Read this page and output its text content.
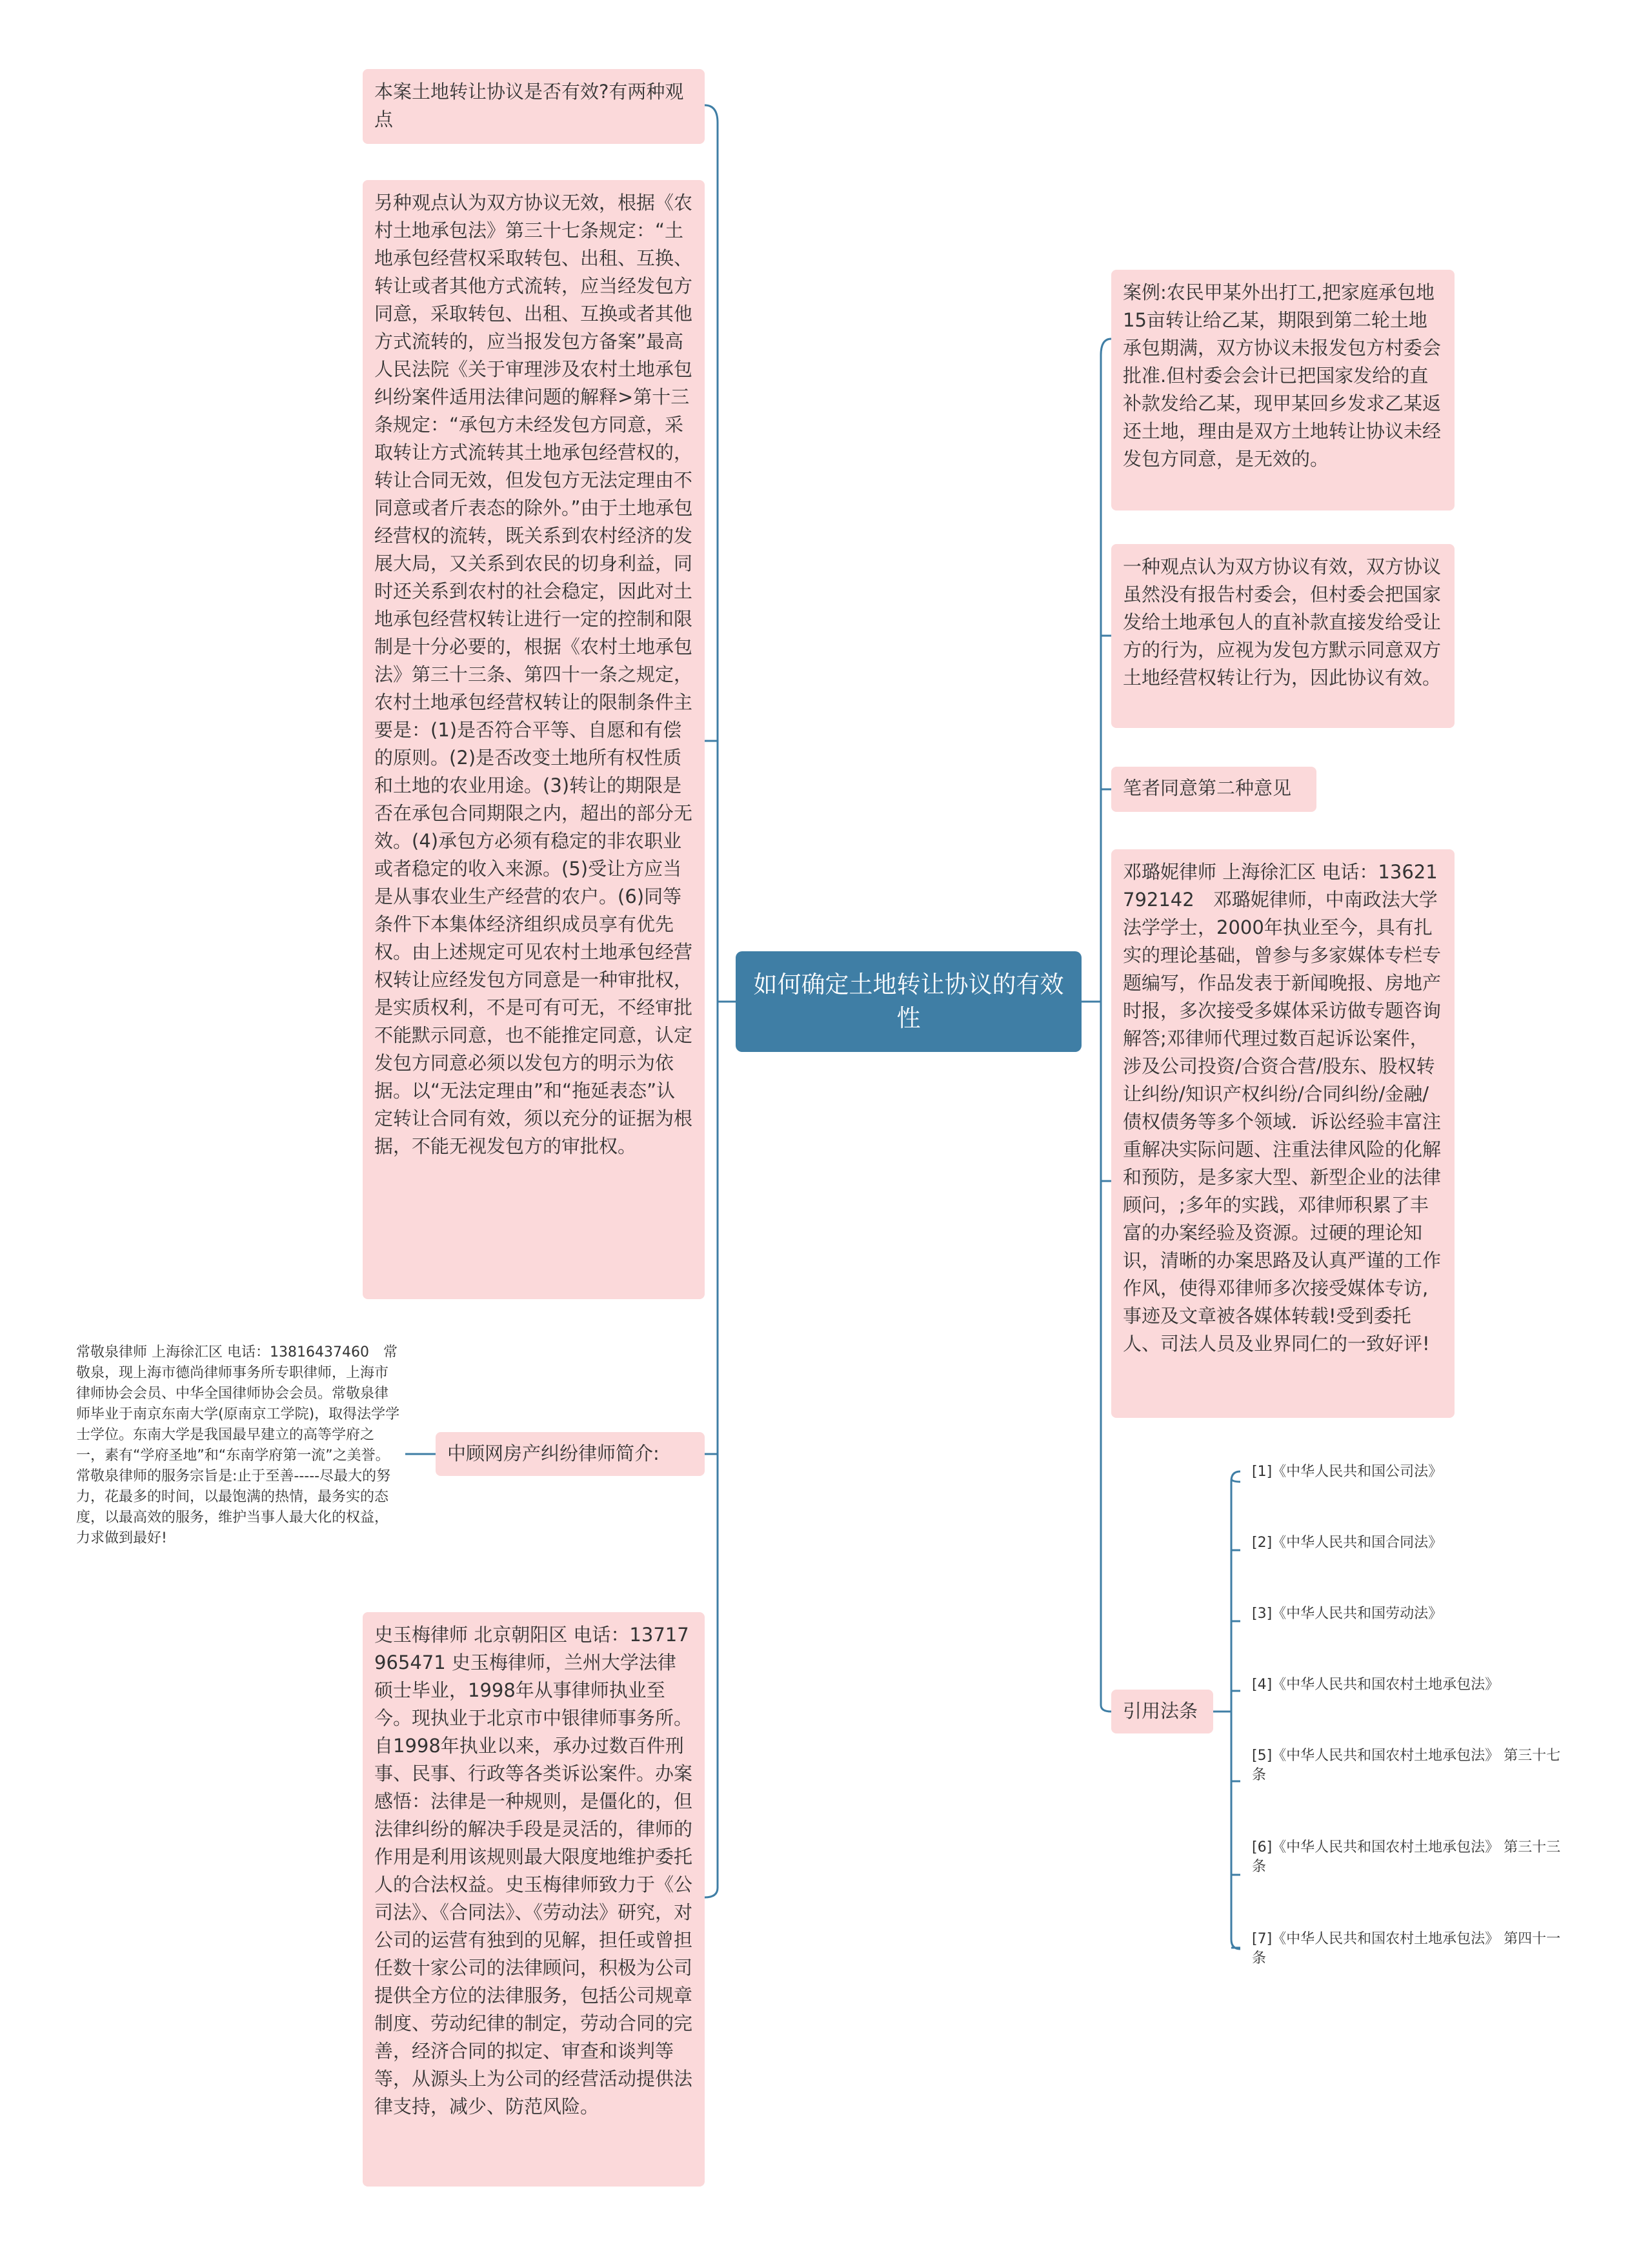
如何确定土地转让协议的有效性
本案土地转让协议是否有效?有两种观点
另种观点认为双方协议无效，根据《农村土地承包法》第三十七条规定：“土地承包经营权采取转包、出租、互换、转让或者其他方式流转，应当经发包方同意，采取转包、出租、互换或者其他方式流转的，应当报发包方备案”最高人民法院《关于审理涉及农村土地承包纠纷案件适用法律问题的解释>第十三条规定：“承包方未经发包方同意，采取转让方式流转其土地承包经营权的，转让合同无效，但发包方无法定理由不同意或者斤表态的除外。”由于土地承包经营权的流转，既关系到农村经济的发展大局，又关系到农民的切身利益，同时还关系到农村的社会稳定，因此对土地承包经营权转让进行一定的控制和限制是十分必要的，根据《农村土地承包法》第三十三条、第四十一条之规定，农村土地承包经营权转让的限制条件主要是：(1)是否符合平等、自愿和有偿的原则。(2)是否改变土地所有权性质和土地的农业用途。(3)转让的期限是否在承包合同期限之内，超出的部分无效。(4)承包方必须有稳定的非农职业或者稳定的收入来源。(5)受让方应当是从事农业生产经营的农户。(6)同等条件下本集体经济组织成员享有优先权。由上述规定可见农村土地承包经营权转让应经发包方同意是一种审批权，是实质权利，不是可有可无，不经审批不能默示同意，也不能推定同意，认定发包方同意必须以发包方的明示为依据。以“无法定理由”和“拖延表态”认定转让合同有效，须以充分的证据为根据，不能无视发包方的审批权。
中顾网房产纠纷律师简介:
常敬泉律师 上海徐汇区 电话：13816437460　常敬泉，现上海市德尚律师事务所专职律师，上海市律师协会会员、中华全国律师协会会员。常敬泉律师毕业于南京东南大学(原南京工学院)，取得法学学士学位。东南大学是我国最早建立的高等学府之一，素有“学府圣地”和“东南学府第一流”之美誉。常敬泉律师的服务宗旨是:止于至善-----尽最大的努力，花最多的时间，以最饱满的热情，最务实的态度，以最高效的服务，维护当事人最大化的权益，力求做到最好!
史玉梅律师 北京朝阳区 电话：13717965471 史玉梅律师，兰州大学法律硕士毕业，1998年从事律师执业至今。现执业于北京市中银律师事务所。　自1998年执业以来，承办过数百件刑事、民事、行政等各类诉讼案件。办案感悟：法律是一种规则，是僵化的，但法律纠纷的解决手段是灵活的，律师的作用是利用该规则最大限度地维护委托人的合法权益。史玉梅律师致力于《公司法》、《合同法》、《劳动法》研究，对公司的运营有独到的见解，担任或曾担任数十家公司的法律顾问，积极为公司提供全方位的法律服务，包括公司规章制度、劳动纪律的制定，劳动合同的完善，经济合同的拟定、审查和谈判等等，从源头上为公司的经营活动提供法律支持，减少、防范风险。
案例:农民甲某外出打工,把家庭承包地15亩转让给乙某，期限到第二轮土地承包期满，双方协议未报发包方村委会批准.但村委会会计已把国家发给的直补款发给乙某，现甲某回乡发求乙某返还土地，理由是双方土地转让协议未经发包方同意，是无效的。
一种观点认为双方协议有效，双方协议虽然没有报告村委会，但村委会把国家发给土地承包人的直补款直接发给受让方的行为，应视为发包方默示同意双方土地经营权转让行为，因此协议有效。
笔者同意第二种意见
邓璐妮律师 上海徐汇区 电话：13621792142　邓璐妮律师，中南政法大学法学学士，2000年执业至今，具有扎实的理论基础，曾参与多家媒体专栏专题编写，作品发表于新闻晚报、房地产时报，多次接受多媒体采访做专题咨询解答;邓律师代理过数百起诉讼案件，涉及公司投资/合资合营/股东、股权转让纠纷/知识产权纠纷/合同纠纷/金融/债权债务等多个领域．诉讼经验丰富注重解决实际问题、注重法律风险的化解和预防，是多家大型、新型企业的法律顾问，;多年的实践，邓律师积累了丰富的办案经验及资源。过硬的理论知识，清晰的办案思路及认真严谨的工作作风，使得邓律师多次接受媒体专访,事迹及文章被各媒体转载!受到委托人、司法人员及业界同仁的一致好评!
引用法条
[1]《中华人民共和国公司法》
[2]《中华人民共和国合同法》
[3]《中华人民共和国劳动法》
[4]《中华人民共和国农村土地承包法》
[5]《中华人民共和国农村土地承包法》 第三十七条
[6]《中华人民共和国农村土地承包法》 第三十三条
[7]《中华人民共和国农村土地承包法》 第四十一条
